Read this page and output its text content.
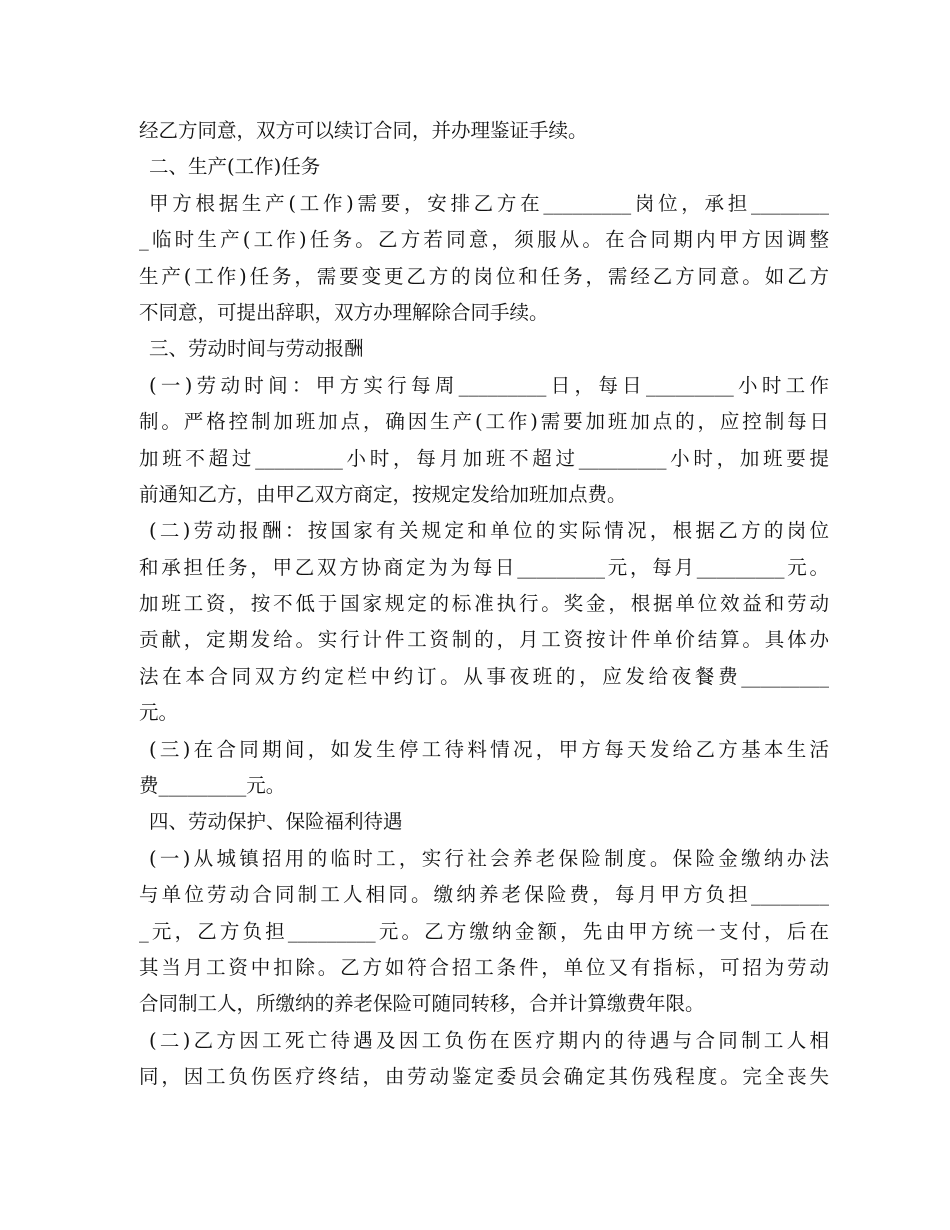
经乙方同意，双方可以续订合同，并办理鉴证手续。
二、生产(工作)任务
甲方根据生产(工作)需要，安排乙方在_________岗位，承担________
_临时生产(工作)任务。乙方若同意，须服从。在合同期内甲方因调整
生产(工作)任务，需要变更乙方的岗位和任务，需经乙方同意。如乙方
不同意，可提出辞职，双方办理解除合同手续。
三、劳动时间与劳动报酬
(一)劳动时间：甲方实行每周_________日，每日_________小时工作
制。严格控制加班加点，确因生产(工作)需要加班加点的，应控制每日
加班不超过_________小时，每月加班不超过_________小时，加班要提
前通知乙方，由甲乙双方商定，按规定发给加班加点费。
(二)劳动报酬：按国家有关规定和单位的实际情况，根据乙方的岗位
和承担任务，甲乙双方协商定为为每日_________元，每月_________元。
加班工资，按不低于国家规定的标准执行。奖金，根据单位效益和劳动
贡献，定期发给。实行计件工资制的，月工资按计件单价结算。具体办
法在本合同双方约定栏中约订。从事夜班的，应发给夜餐费_________
元。
(三)在合同期间，如发生停工待料情况，甲方每天发给乙方基本生活
费_________元。
四、劳动保护、保险福利待遇
(一)从城镇招用的临时工，实行社会养老保险制度。保险金缴纳办法
与单位劳动合同制工人相同。缴纳养老保险费，每月甲方负担________
_元，乙方负担_________元。乙方缴纳金额，先由甲方统一支付，后在
其当月工资中扣除。乙方如符合招工条件，单位又有指标，可招为劳动
合同制工人，所缴纳的养老保险可随同转移，合并计算缴费年限。
(二)乙方因工死亡待遇及因工负伤在医疗期内的待遇与合同制工人相
同，因工负伤医疗终结，由劳动鉴定委员会确定其伤残程度。完全丧失
